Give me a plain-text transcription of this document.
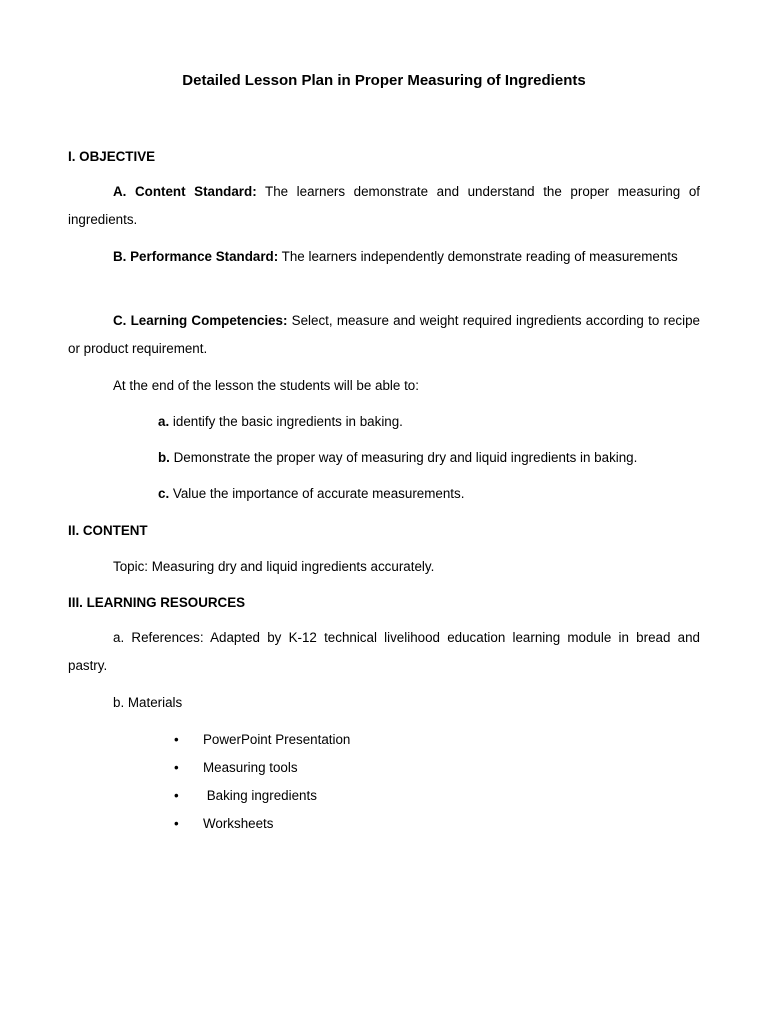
Detailed Lesson Plan in Proper Measuring of Ingredients
I. OBJECTIVE
A. Content Standard: The learners demonstrate and understand the proper measuring of ingredients.
B. Performance Standard: The learners independently demonstrate reading of measurements
C. Learning Competencies: Select, measure and weight required ingredients according to recipe or product requirement.
At the end of the lesson the students will be able to:
a. identify the basic ingredients in baking.
b. Demonstrate the proper way of measuring dry and liquid ingredients in baking.
c. Value the importance of accurate measurements.
II. CONTENT
Topic: Measuring dry and liquid ingredients accurately.
III. LEARNING RESOURCES
a. References: Adapted by K-12 technical livelihood education learning module in bread and pastry.
b. Materials
• PowerPoint Presentation
• Measuring tools
• Baking ingredients
• Worksheets
